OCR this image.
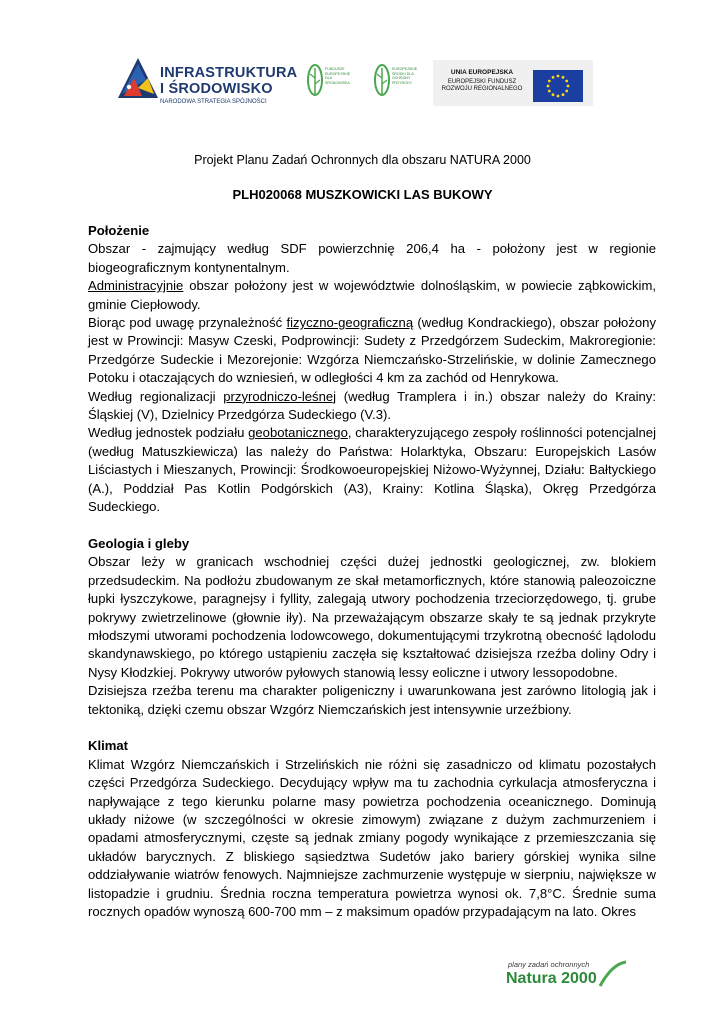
INFRASTRUKTURA
I ŚRODOWISKO
NARODOWA STRATEGIA SPÓJNOŚCI
FUNDUSZE EUROPEJSKIE DLA ŚRODOWISKA
EUROPEJSKIE ŚRODKI DLA OCHRONY PRZYRODY
UNIA EUROPEJSKA
EUROPEJSKI FUNDUSZ
ROZWOJU REGIONALNEGO
Projekt Planu Zadań Ochronnych dla obszaru NATURA 2000
PLH020068 MUSZKOWICKI LAS BUKOWY
Położenie

Obszar - zajmujący według SDF powierzchnię 206,4 ha - położony jest w regionie biogeograficznym kontynentalnym.

Administracyjnie obszar położony jest w województwie dolnośląskim, w powiecie ząbkowickim, gminie Ciepłowody.

Biorąc pod uwagę przynależność fizyczno-geograficzną (według Kondrackiego), obszar położony jest w Prowincji: Masyw Czeski, Podprowincji: Sudety z Przedgórzem Sudeckim, Makroregionie: Przedgórze Sudeckie i Mezorejonie: Wzgórza Niemczańsko-Strzelińskie, w dolinie Zamecznego Potoku i otaczających do wzniesień, w odległości 4 km za zachód od Henrykowa.

Według regionalizacji przyrodniczo-leśnej (według Tramplera i in.) obszar należy do Krainy: Śląskiej (V), Dzielnicy Przedgórza Sudeckiego (V.3).

Według jednostek podziału geobotanicznego, charakteryzującego zespoły roślinności potencjalnej (według Matuszkiewicza) las należy do Państwa: Holarktyka, Obszaru: Europejskich Lasów Liściastych i Mieszanych, Prowincji: Środkowoeuropejskiej Niżowo-Wyżynnej, Działu: Bałtyckiego (A.), Poddział Pas Kotlin Podgórskich (A3), Krainy: Kotlina Śląska), Okręg Przedgórza Sudeckiego.

Geologia i gleby

Obszar leży w granicach wschodniej części dużej jednostki geologicznej, zw. blokiem przedsudeckim. Na podłożu zbudowanym ze skał metamorficznych, które stanowią paleozoiczne łupki łyszczykowe, paragnejsy i fyllity, zalegają utwory pochodzenia trzeciorzędowego, tj. grube pokrywy zwietrzelinowe (głownie iły). Na przeważającym obszarze skały te są jednak przykryte młodszymi utworami pochodzenia lodowcowego, dokumentującymi trzykrotną obecność lądolodu skandynawskiego, po którego ustąpieniu zaczęła się kształtować dzisiejsza rzeźba doliny Odry i Nysy Kłodzkiej. Pokrywy utworów pyłowych stanowią lessy eoliczne i utwory lessopodobne.

Dzisiejsza rzeźba terenu ma charakter poligeniczny i uwarunkowana jest zarówno litologią jak i tektoniką, dzięki czemu obszar Wzgórz Niemczańskich jest intensywnie urzeźbiony.

Klimat

Klimat Wzgórz Niemczańskich i Strzelińskich nie różni się zasadniczo od klimatu pozostałych części Przedgórza Sudeckiego. Decydujący wpływ ma tu zachodnia cyrkulacja atmosferyczna i napływające z tego kierunku polarne masy powietrza pochodzenia oceanicznego. Dominują układy niżowe (w szczególności w okresie zimowym) związane z dużym zachmurzeniem i opadami atmosferycznymi, częste są jednak zmiany pogody wynikające z przemieszczania się układów barycznych. Z bliskiego sąsiedztwa Sudetów jako bariery górskiej wynika silne oddziaływanie wiatrów fenowych. Najmniejsze zachmurzenie występuje w sierpniu, największe w listopadzie i grudniu. Średnia roczna temperatura powietrza wynosi ok. 7,8°C. Średnie suma rocznych opadów wynoszą 600-700 mm – z maksimum opadów przypadającym na lato. Okres

plany zadań ochronnych
Natura 2000
